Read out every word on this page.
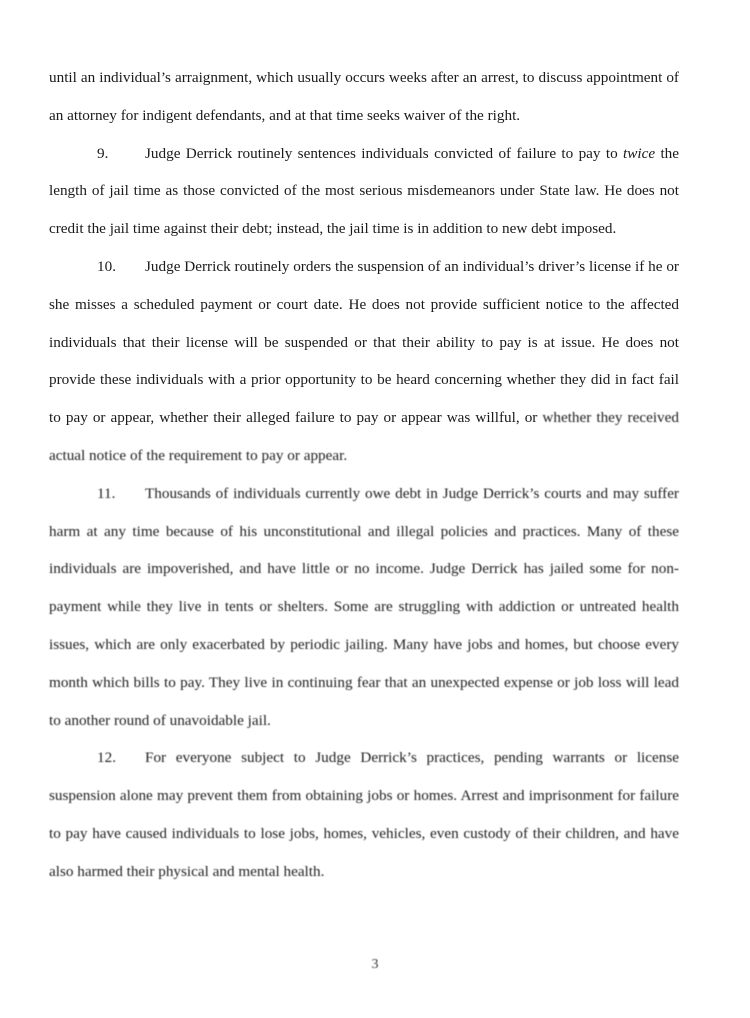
until an individual’s arraignment, which usually occurs weeks after an arrest, to discuss appointment of an attorney for indigent defendants, and at that time seeks waiver of the right.

9. Judge Derrick routinely sentences individuals convicted of failure to pay to twice the length of jail time as those convicted of the most serious misdemeanors under State law. He does not credit the jail time against their debt; instead, the jail time is in addition to new debt imposed.

10. Judge Derrick routinely orders the suspension of an individual’s driver’s license if he or she misses a scheduled payment or court date. He does not provide sufficient notice to the affected individuals that their license will be suspended or that their ability to pay is at issue. He does not provide these individuals with a prior opportunity to be heard concerning whether they did in fact fail to pay or appear, whether their alleged failure to pay or appear was willful, or whether they received actual notice of the requirement to pay or appear.

11. Thousands of individuals currently owe debt in Judge Derrick’s courts and may suffer harm at any time because of his unconstitutional and illegal policies and practices. Many of these individuals are impoverished, and have little or no income. Judge Derrick has jailed some for non-payment while they live in tents or shelters. Some are struggling with addiction or untreated health issues, which are only exacerbated by periodic jailing. Many have jobs and homes, but choose every month which bills to pay. They live in continuing fear that an unexpected expense or job loss will lead to another round of unavoidable jail.

12. For everyone subject to Judge Derrick’s practices, pending warrants or license suspension alone may prevent them from obtaining jobs or homes. Arrest and imprisonment for failure to pay have caused individuals to lose jobs, homes, vehicles, even custody of their children, and have also harmed their physical and mental health.

3
